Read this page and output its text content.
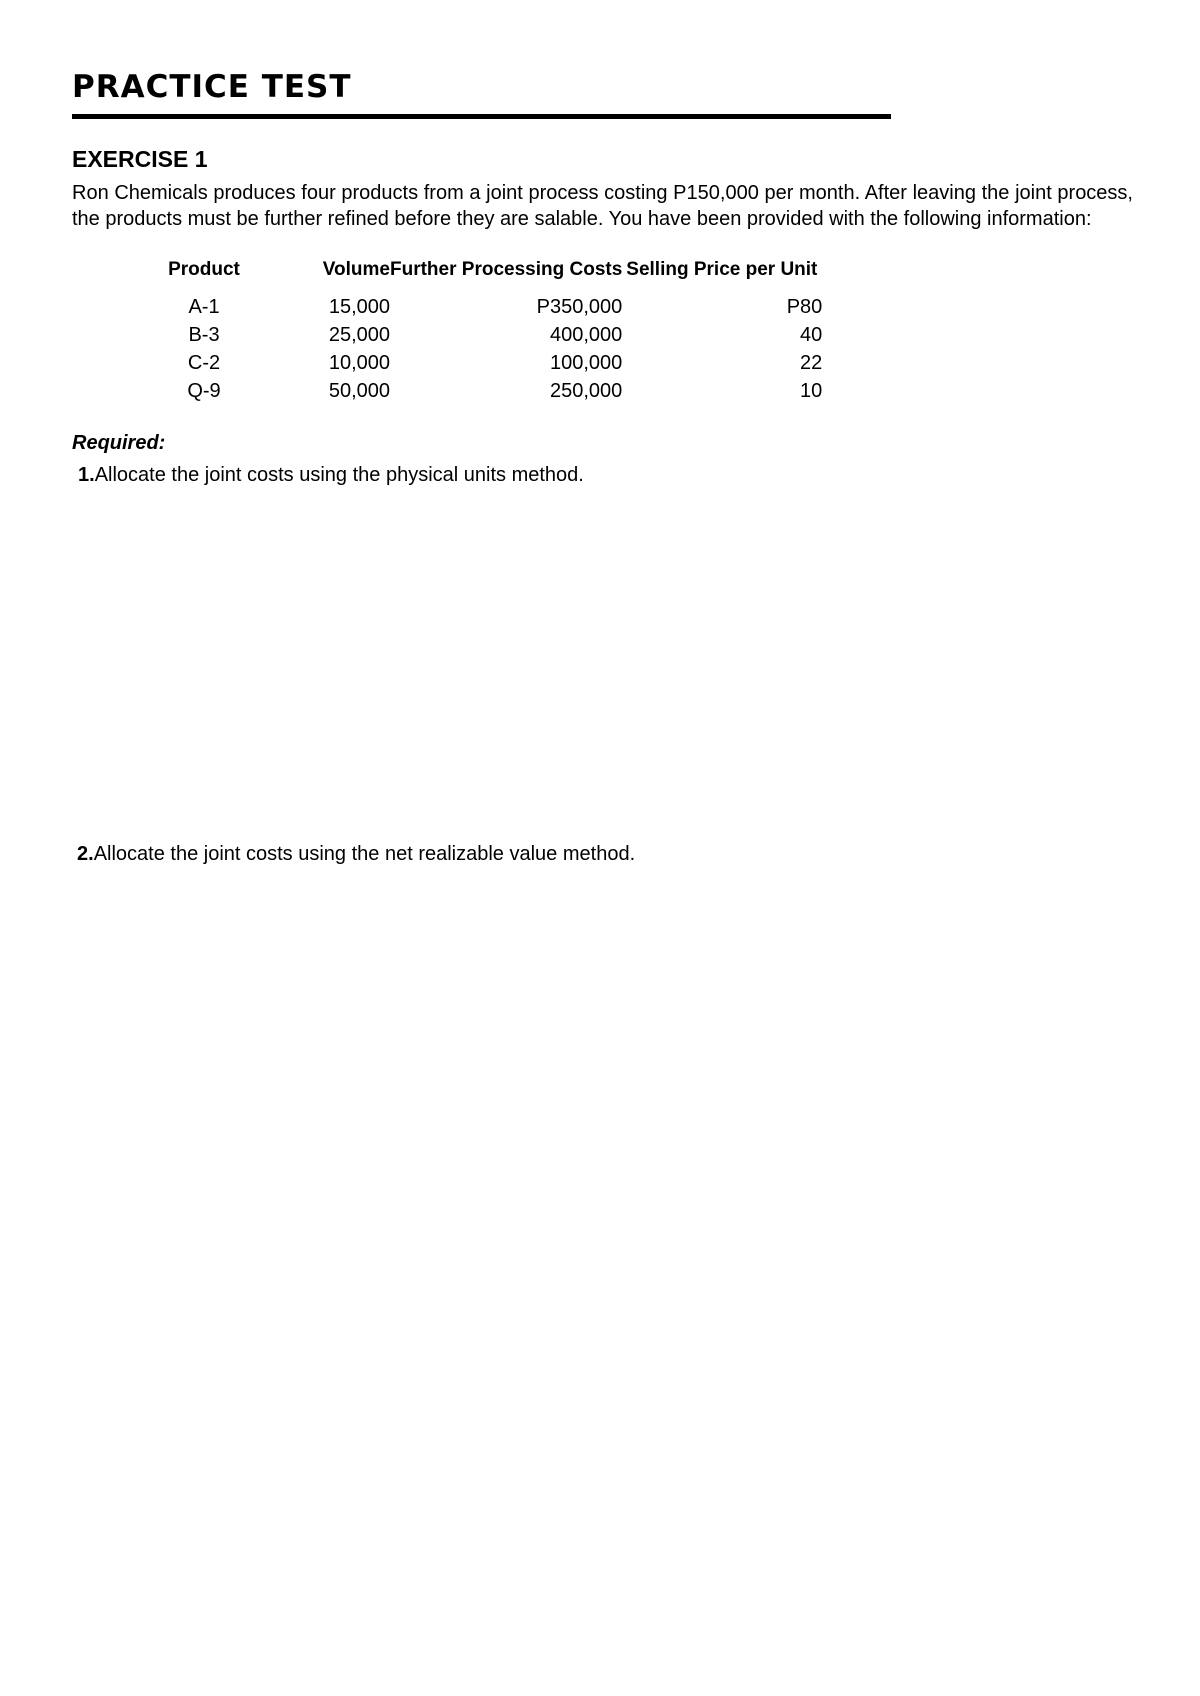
PRACTICE TEST
EXERCISE 1

Ron Chemicals produces four products from a joint process costing P150,000 per month. After leaving the joint process, the products must be further refined before they are salable. You have been provided with the following information:

Product	Volume	Further Processing Costs	Selling Price per Unit
A-1	15,000	P350,000	P80
B-3	25,000	400,000	40
C-2	10,000	100,000	22
Q-9	50,000	250,000	10

Required:

1.Allocate the joint costs using the physical units method.

2.Allocate the joint costs using the net realizable value method.
